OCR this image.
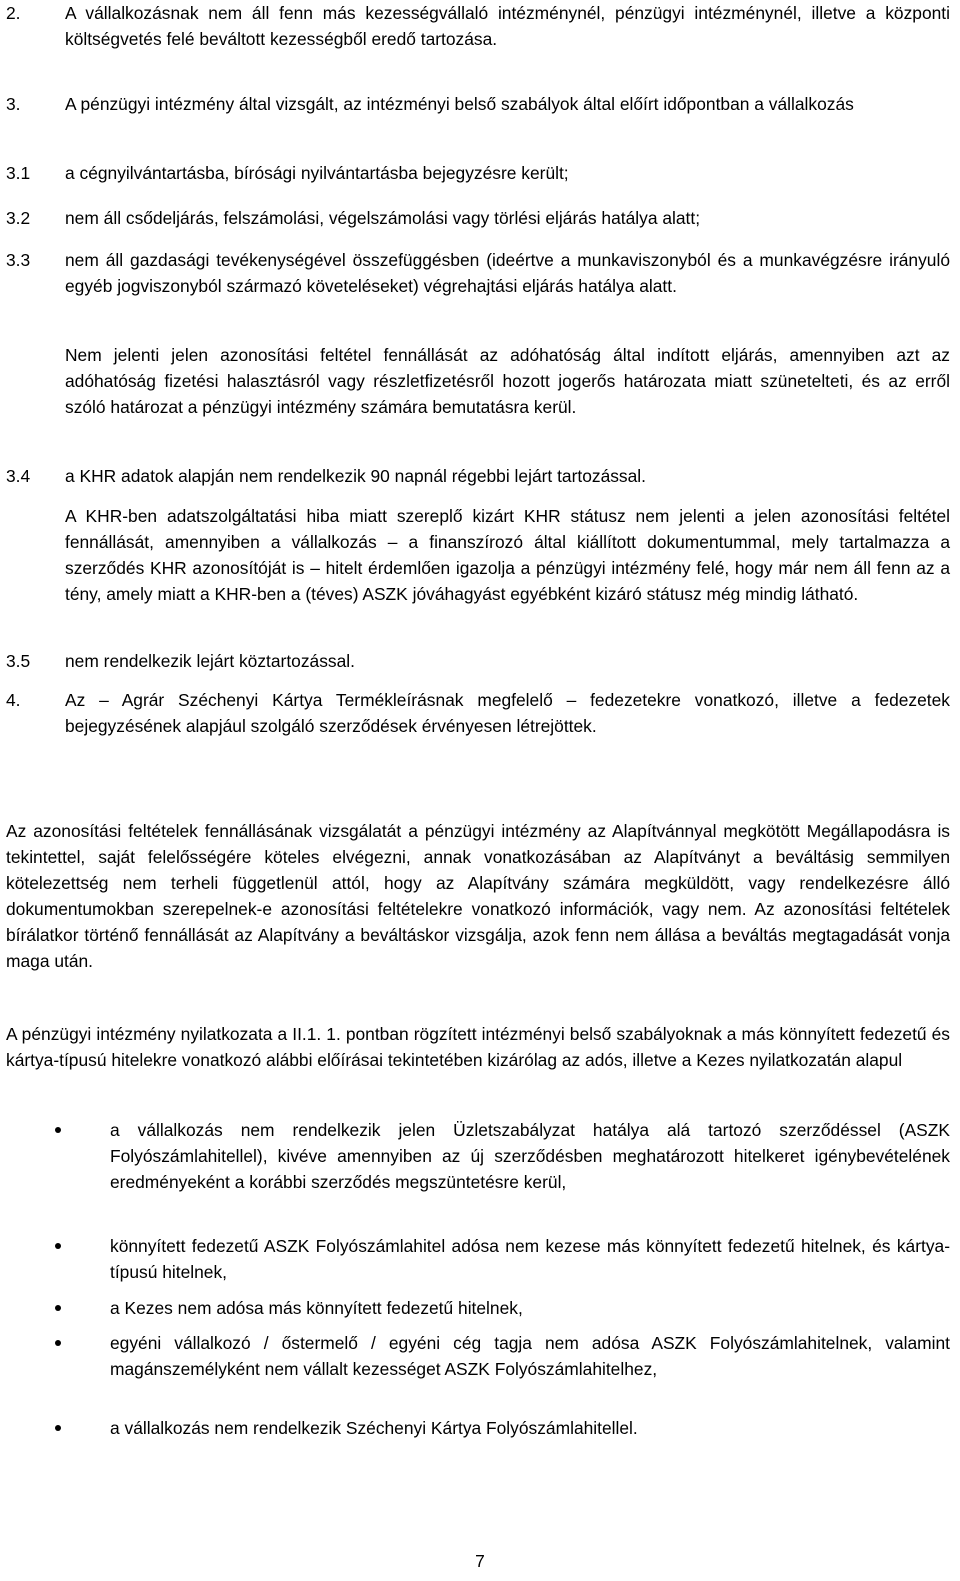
2.	A vállalkozásnak nem áll fenn más kezességvállaló intézménynél, pénzügyi intézménynél, illetve a központi költségvetés felé beváltott kezességből eredő tartozása.
3.	A pénzügyi intézmény által vizsgált, az intézményi belső szabályok által előírt időpontban a vállalkozás
3.1	a cégnyilvántartásba, bírósági nyilvántartásba bejegyzésre került;
3.2	nem áll csődeljárás, felszámolási, végelszámolási vagy törlési eljárás hatálya alatt;
3.3	nem áll gazdasági tevékenységével összefüggésben (ideértve a munkaviszonyból és a munkavégzésre irányuló egyéb jogviszonyból származó követeléseket) végrehajtási eljárás hatálya alatt.
Nem jelenti jelen azonosítási feltétel fennállását az adóhatóság által indított eljárás, amennyiben azt az adóhatóság fizetési halasztásról vagy részletfizetésről hozott jogerős határozata miatt szünetelteti, és az erről szóló határozat a pénzügyi intézmény számára bemutatásra kerül.
3.4	a KHR adatok alapján nem rendelkezik 90 napnál régebbi lejárt tartozással.
A KHR-ben adatszolgáltatási hiba miatt szereplő kizárt KHR státusz nem jelenti a jelen azonosítási feltétel fennállását, amennyiben a vállalkozás – a finanszírozó által kiállított dokumentummal, mely tartalmazza a szerződés KHR azonosítóját is – hitelt érdemlően igazolja a pénzügyi intézmény felé, hogy már nem áll fenn az a tény, amely miatt a KHR-ben a (téves) ASZK jóváhagyást egyébként kizáró státusz még mindig látható.
3.5	nem rendelkezik lejárt köztartozással.
4.	Az – Agrár Széchenyi Kártya Termékleírásnak megfelelő – fedezetekre vonatkozó, illetve a fedezetek bejegyzésének alapjául szolgáló szerződések érvényesen létrejöttek.
Az azonosítási feltételek fennállásának vizsgálatát a pénzügyi intézmény az Alapítvánnyal megkötött Megállapodásra is tekintettel, saját felelősségére köteles elvégezni, annak vonatkozásában az Alapítványt a beváltásig semmilyen kötelezettség nem terheli függetlenül attól, hogy az Alapítvány számára megküldött, vagy rendelkezésre álló dokumentumokban szerepelnek-e azonosítási feltételekre vonatkozó információk, vagy nem. Az azonosítási feltételek bírálatkor történő fennállását az Alapítvány a beváltáskor vizsgálja, azok fenn nem állása a beváltás megtagadását vonja maga után.
A pénzügyi intézmény nyilatkozata a II.1. 1. pontban rögzített intézményi belső szabályoknak a más könnyített fedezetű és kártya-típusú hitelekre vonatkozó alábbi előírásai tekintetében kizárólag az adós, illetve a Kezes nyilatkozatán alapul
a vállalkozás nem rendelkezik jelen Üzletszabályzat hatálya alá tartozó szerződéssel (ASZK Folyószámlahitellel), kivéve amennyiben az új szerződésben meghatározott hitelkeret igénybevételének eredményeként a korábbi szerződés megszüntetésre kerül,
könnyített fedezetű ASZK Folyószámlahitel adósa nem kezese más könnyített fedezetű hitelnek, és kártya-típusú hitelnek,
a Kezes nem adósa más könnyített fedezetű hitelnek,
egyéni vállalkozó / őstermelő / egyéni cég tagja nem adósa ASZK Folyószámlahitelnek, valamint magánszemélyként nem vállalt kezességet ASZK Folyószámlahitelhez,
a vállalkozás nem rendelkezik Széchenyi Kártya Folyószámlahitellel.
7
